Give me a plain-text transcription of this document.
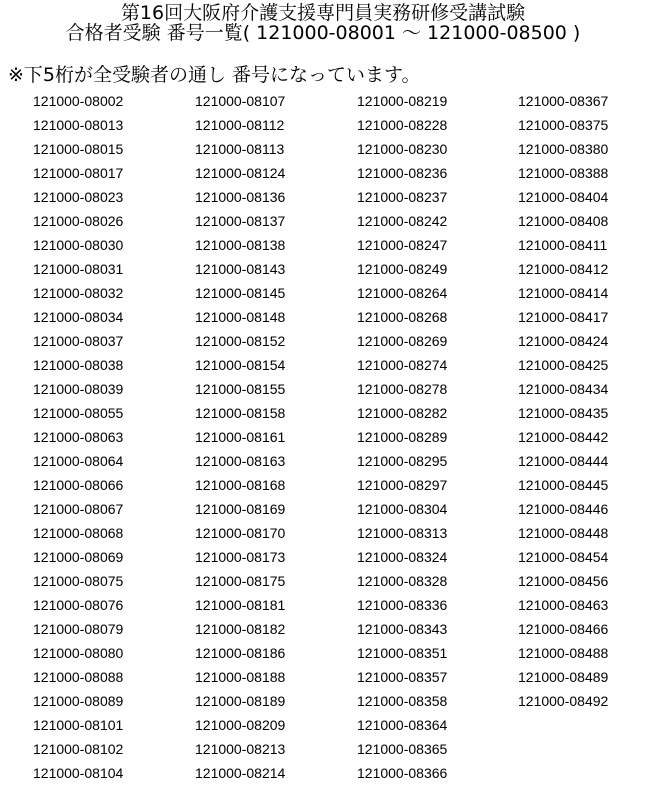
第16回大阪府介護支援専門員実務研修受講試験
合格者受験 番号一覧( 121000-08001 ～ 121000-08500 )
※下5桁が全受験者の通し 番号になっています。
121000-08002
121000-08013
121000-08015
121000-08017
121000-08023
121000-08026
121000-08030
121000-08031
121000-08032
121000-08034
121000-08037
121000-08038
121000-08039
121000-08055
121000-08063
121000-08064
121000-08066
121000-08067
121000-08068
121000-08069
121000-08075
121000-08076
121000-08079
121000-08080
121000-08088
121000-08089
121000-08101
121000-08102
121000-08104
121000-08107
121000-08112
121000-08113
121000-08124
121000-08136
121000-08137
121000-08138
121000-08143
121000-08145
121000-08148
121000-08152
121000-08154
121000-08155
121000-08158
121000-08161
121000-08163
121000-08168
121000-08169
121000-08170
121000-08173
121000-08175
121000-08181
121000-08182
121000-08186
121000-08188
121000-08189
121000-08209
121000-08213
121000-08214
121000-08219
121000-08228
121000-08230
121000-08236
121000-08237
121000-08242
121000-08247
121000-08249
121000-08264
121000-08268
121000-08269
121000-08274
121000-08278
121000-08282
121000-08289
121000-08295
121000-08297
121000-08304
121000-08313
121000-08324
121000-08328
121000-08336
121000-08343
121000-08351
121000-08357
121000-08358
121000-08364
121000-08365
121000-08366
121000-08367
121000-08375
121000-08380
121000-08388
121000-08404
121000-08408
121000-08411
121000-08412
121000-08414
121000-08417
121000-08424
121000-08425
121000-08434
121000-08435
121000-08442
121000-08444
121000-08445
121000-08446
121000-08448
121000-08454
121000-08456
121000-08463
121000-08466
121000-08488
121000-08489
121000-08492
